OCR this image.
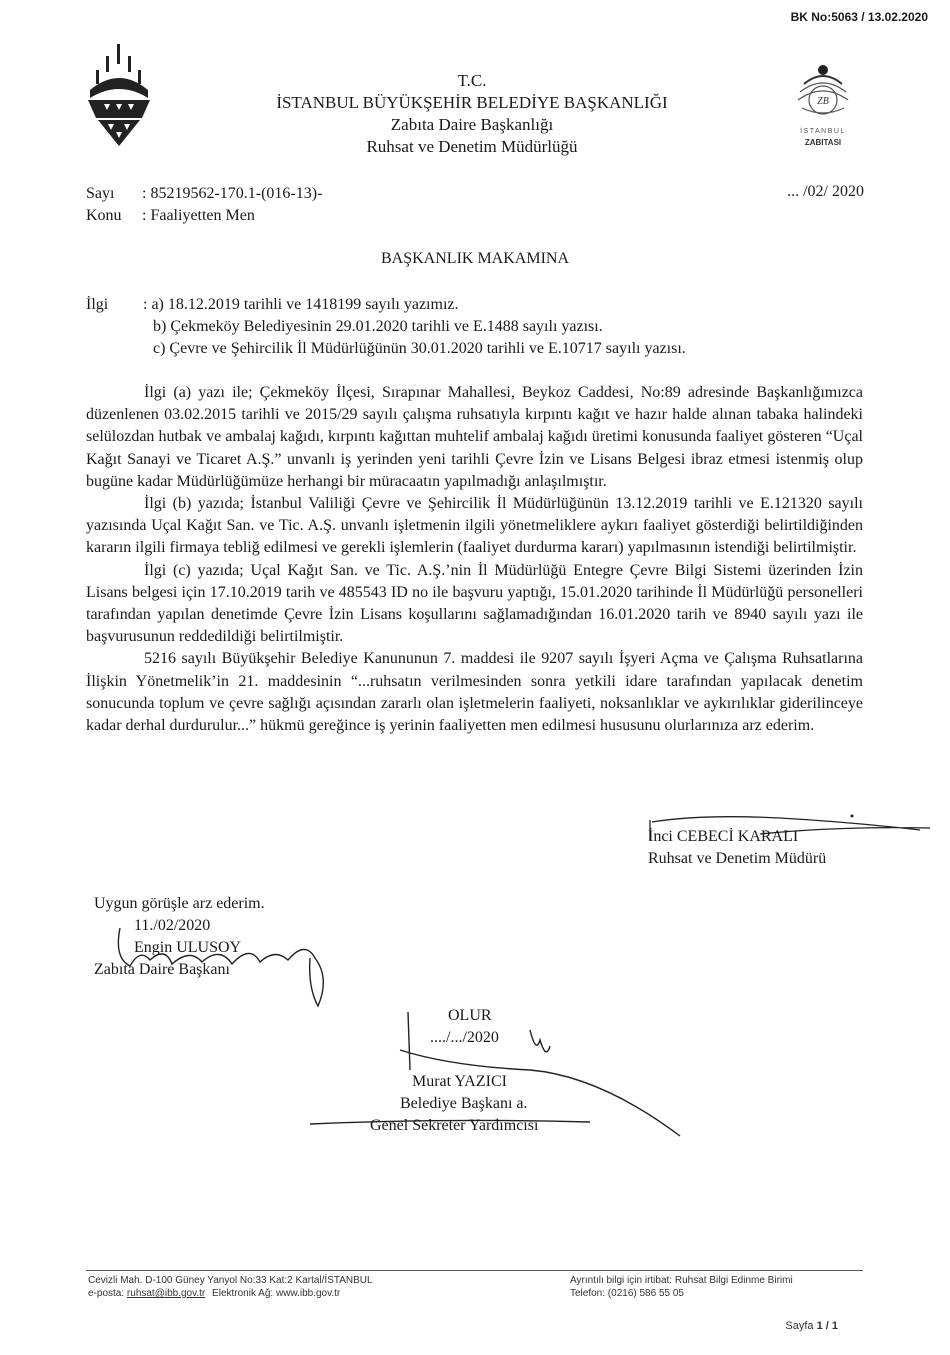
BK No:5063 / 13.02.2020
T.C.
İSTANBUL BÜYÜKŞEHİR BELEDİYE BAŞKANLIĞI
Zabıta Daire Başkanlığı
Ruhsat ve Denetim Müdürlüğü
ZB
İSTANBUL
ZABITASI
Sayı : 85219562-170.1-(016-13)-
Konu : Faaliyetten Men
... /02/ 2020
BAŞKANLIK MAKAMINA
İlgi : a) 18.12.2019 tarihli ve 1418199 sayılı yazımız.
b) Çekmeköy Belediyesinin 29.01.2020 tarihli ve E.1488 sayılı yazısı.
c) Çevre ve Şehircilik İl Müdürlüğünün 30.01.2020 tarihli ve E.10717 sayılı yazısı.

İlgi (a) yazı ile; Çekmeköy İlçesi, Sırapınar Mahallesi, Beykoz Caddesi, No:89 adresinde Başkanlığımızca düzenlenen 03.02.2015 tarihli ve 2015/29 sayılı çalışma ruhsatıyla kırpıntı kağıt ve hazır halde alınan tabaka halindeki selülozdan hutbak ve ambalaj kağıdı, kırpıntı kağıttan muhtelif ambalaj kağıdı üretimi konusunda faaliyet gösteren “Uçal Kağıt Sanayi ve Ticaret A.Ş.” unvanlı iş yerinden yeni tarihli Çevre İzin ve Lisans Belgesi ibraz etmesi istenmiş olup bugüne kadar Müdürlüğümüze herhangi bir müracaatın yapılmadığı anlaşılmıştır.

İlgi (b) yazıda; İstanbul Valiliği Çevre ve Şehircilik İl Müdürlüğünün 13.12.2019 tarihli ve E.121320 sayılı yazısında Uçal Kağıt San. ve Tic. A.Ş. unvanlı işletmenin ilgili yönetmeliklere aykırı faaliyet gösterdiği belirtildiğinden kararın ilgili firmaya tebliğ edilmesi ve gerekli işlemlerin (faaliyet durdurma kararı) yapılmasının istendiği belirtilmiştir.

İlgi (c) yazıda; Uçal Kağıt San. ve Tic. A.Ş.’nin İl Müdürlüğü Entegre Çevre Bilgi Sistemi üzerinden İzin Lisans belgesi için 17.10.2019 tarih ve 485543 ID no ile başvuru yaptığı, 15.01.2020 tarihinde İl Müdürlüğü personelleri tarafından yapılan denetimde Çevre İzin Lisans koşullarını sağlamadığından 16.01.2020 tarih ve 8940 sayılı yazı ile başvurusunun reddedildiği belirtilmiştir.

5216 sayılı Büyükşehir Belediye Kanununun 7. maddesi ile 9207 sayılı İşyeri Açma ve Çalışma Ruhsatlarına İlişkin Yönetmelik’in 21. maddesinin “...ruhsatın verilmesinden sonra yetkili idare tarafından yapılacak denetim sonucunda toplum ve çevre sağlığı açısından zararlı olan işletmelerin faaliyeti, noksanlıklar ve aykırılıklar giderilinceye kadar derhal durdurulur...” hükmü gereğince iş yerinin faaliyetten men edilmesi hususunu olurlarınıza arz ederim.

İnci CEBECİ KARALI
Ruhsat ve Denetim Müdürü
Uygun görüşle arz ederim.
11./02/2020
Engin ULUSOY
Zabıta Daire Başkanı
OLUR
..../.../2020
Murat YAZICI
Belediye Başkanı a.
Genel Sekreter Yardımcısı
Cevizli Mah. D-100 Güney Yanyol No:33 Kat:2 Kartal/İSTANBUL
e-posta: ruhsat@ibb.gov.tr Elektronik Ağ: www.ibb.gov.tr
Ayrıntılı bilgi için irtibat: Ruhsat Bilgi Edinme Birimi
Telefon: (0216) 586 55 05
Sayfa 1 / 1
